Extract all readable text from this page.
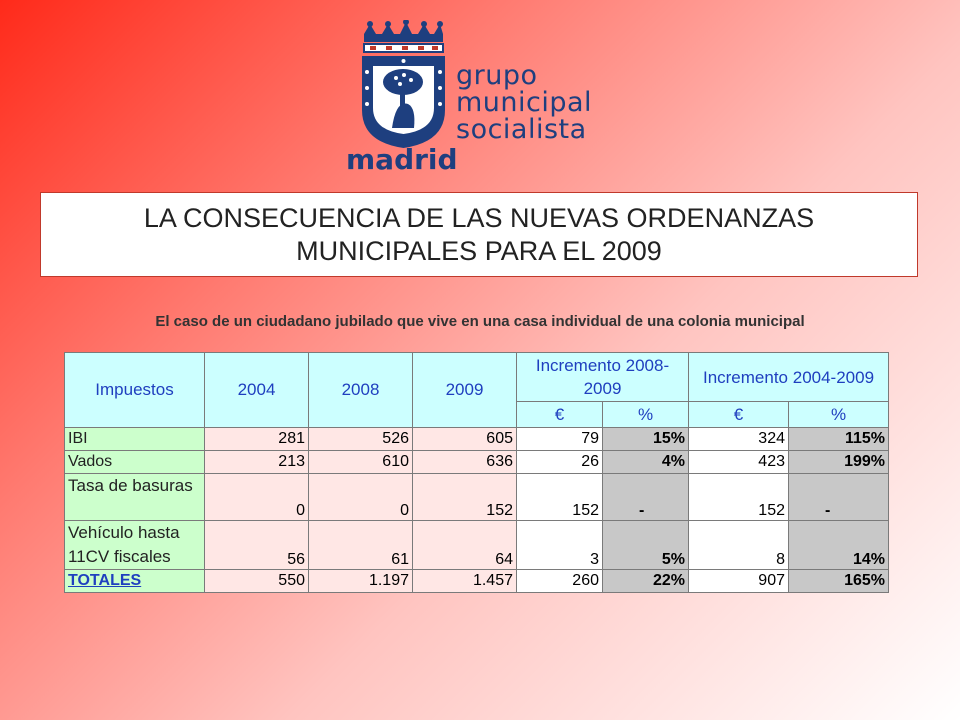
grupo
municipal
socialista
madrid
LA CONSECUENCIA DE LAS NUEVAS ORDENANZAS MUNICIPALES PARA EL 2009
El caso de un ciudadano jubilado que vive en una casa individual de una colonia municipal
Impuestos	2004	2008	2009	Incremento 2008-2009		Incremento 2004-2009	
				€	%	€	%
IBI	281	526	605	79	15%	324	115%
Vados	213	610	636	26	4%	423	199%
Tasa de basuras	0	0	152	152	-	152	-
Vehículo hasta 11CV fiscales	56	61	64	3	5%	8	14%
TOTALES	550	1.197	1.457	260	22%	907	165%
